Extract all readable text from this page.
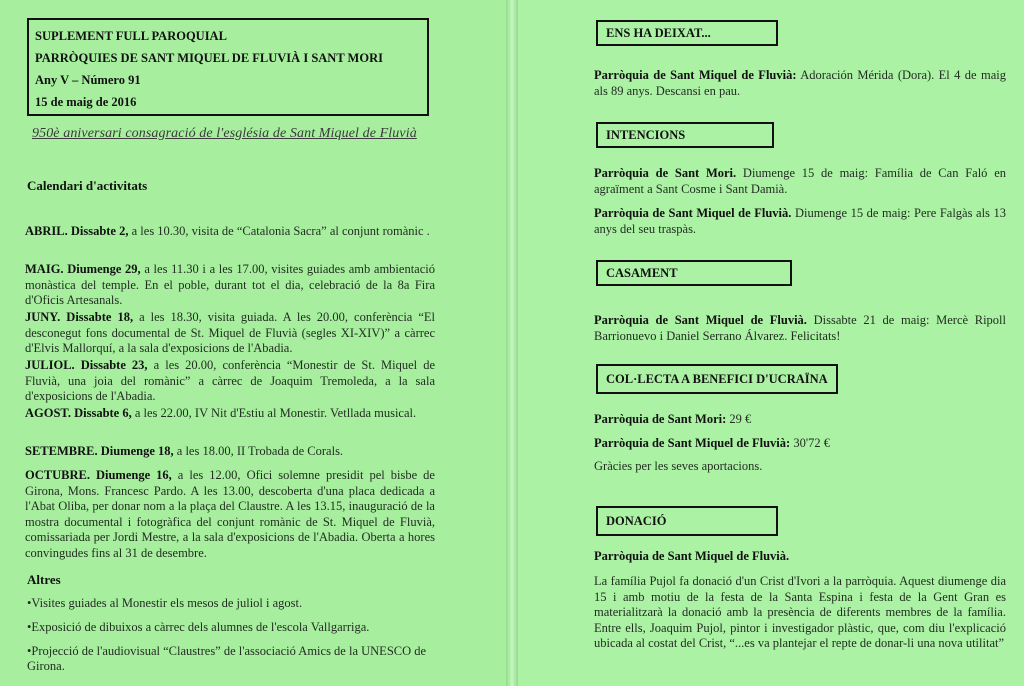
SUPLEMENT FULL PAROQUIAL
PARRÒQUIES DE SANT MIQUEL DE FLUVIÀ I SANT MORI
Any V – Número 91
15 de maig de 2016
950è aniversari consagració de l'església de Sant Miquel de Fluvià
Calendari d'activitats
ABRIL. Dissabte 2, a les 10.30, visita de “Catalonia Sacra” al conjunt romànic .
MAIG. Diumenge 29, a les 11.30 i a les 17.00, visites guiades amb ambientació monàstica del temple. En el poble, durant tot el dia, celebració de la 8a Fira d'Oficis Artesanals.
JUNY. Dissabte 18, a les 18.30, visita guiada. A les 20.00, conferència “El desconegut fons documental de St. Miquel de Fluvià (segles XI-XIV)” a càrrec d'Elvis Mallorquí, a la sala d'exposicions de l'Abadia.
JULIOL. Dissabte 23, a les 20.00, conferència “Monestir de St. Miquel de Fluvià, una joia del romànic” a càrrec de Joaquim Tremoleda, a la sala d'exposicions de l'Abadia.
AGOST. Dissabte 6, a les 22.00, IV Nit d'Estiu al Monestir. Vetllada musical.
SETEMBRE. Diumenge 18, a les 18.00, II Trobada de Corals.
OCTUBRE. Diumenge 16, a les 12.00, Ofici solemne presidit pel bisbe de Girona, Mons. Francesc Pardo. A les 13.00, descoberta d'una placa dedicada a l'Abat Oliba, per donar nom a la plaça del Claustre. A les 13.15, inauguració de la mostra documental i fotogràfica del conjunt romànic de St. Miquel de Fluvià, comissariada per Jordi Mestre, a la sala d'exposicions de l'Abadia. Oberta a hores convingudes fins al 31 de desembre.
Altres
•Visites guiades al Monestir els mesos de juliol i agost.
•Exposició de dibuixos a càrrec dels alumnes de l'escola Vallgarriga.
•Projecció de l'audiovisual “Claustres” de l'associació Amics de la UNESCO de Girona.
ENS HA DEIXAT...
Parròquia de Sant Miquel de Fluvià: Adoración Mérida (Dora). El 4 de maig als 89 anys. Descansi en pau.
INTENCIONS
Parròquia de Sant Mori. Diumenge 15 de maig: Família de Can Faló en agraïment a Sant Cosme i Sant Damià.
Parròquia de Sant Miquel de Fluvià. Diumenge 15 de maig: Pere Falgàs als 13 anys del seu traspàs.
CASAMENT
Parròquia de Sant Miquel de Fluvià. Dissabte 21 de maig: Mercè Ripoll Barrionuevo i Daniel Serrano Álvarez. Felicitats!
COL·LECTA A BENEFICI D'UCRAÏNA
Parròquia de Sant Mori: 29 €
Parròquia de Sant Miquel de Fluvià: 30'72 €
Gràcies per les seves aportacions.
DONACIÓ
Parròquia de Sant Miquel de Fluvià.
La família Pujol fa donació d'un Crist d'Ivori a la parròquia. Aquest diumenge dia 15 i amb motiu de la festa de la Santa Espina i festa de la Gent Gran es materialitzarà la donació amb la presència de diferents membres de la família. Entre ells, Joaquim Pujol, pintor i investigador plàstic, que, com diu l'explicació ubicada al costat del Crist, “...es va plantejar el repte de donar-li una nova utilitat”
